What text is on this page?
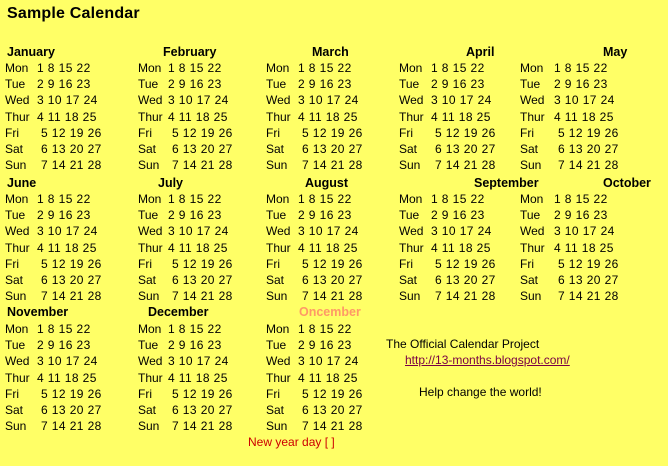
Sample Calendar
January
Mon 1 8 15 22
Tue 2 9 16 23
Wed 3 10 17 24
Thur 4 11 18 25
Fri 5 12 19 26
Sat 6 13 20 27
Sun 7 14 21 28
February
Mon 1 8 15 22
Tue 2 9 16 23
Wed 3 10 17 24
Thur 4 11 18 25
Fri 5 12 19 26
Sat 6 13 20 27
Sun 7 14 21 28
March
Mon 1 8 15 22
Tue 2 9 16 23
Wed 3 10 17 24
Thur 4 11 18 25
Fri 5 12 19 26
Sat 6 13 20 27
Sun 7 14 21 28
April
Mon 1 8 15 22
Tue 2 9 16 23
Wed 3 10 17 24
Thur 4 11 18 25
Fri 5 12 19 26
Sat 6 13 20 27
Sun 7 14 21 28
May
Mon 1 8 15 22
Tue 2 9 16 23
Wed 3 10 17 24
Thur 4 11 18 25
Fri 5 12 19 26
Sat 6 13 20 27
Sun 7 14 21 28
June
Mon 1 8 15 22
Tue 2 9 16 23
Wed 3 10 17 24
Thur 4 11 18 25
Fri 5 12 19 26
Sat 6 13 20 27
Sun 7 14 21 28
July
Mon 1 8 15 22
Tue 2 9 16 23
Wed 3 10 17 24
Thur 4 11 18 25
Fri 5 12 19 26
Sat 6 13 20 27
Sun 7 14 21 28
August
Mon 1 8 15 22
Tue 2 9 16 23
Wed 3 10 17 24
Thur 4 11 18 25
Fri 5 12 19 26
Sat 6 13 20 27
Sun 7 14 21 28
September
Mon 1 8 15 22
Tue 2 9 16 23
Wed 3 10 17 24
Thur 4 11 18 25
Fri 5 12 19 26
Sat 6 13 20 27
Sun 7 14 21 28
October
Mon 1 8 15 22
Tue 2 9 16 23
Wed 3 10 17 24
Thur 4 11 18 25
Fri 5 12 19 26
Sat 6 13 20 27
Sun 7 14 21 28
November
Mon 1 8 15 22
Tue 2 9 16 23
Wed 3 10 17 24
Thur 4 11 18 25
Fri 5 12 19 26
Sat 6 13 20 27
Sun 7 14 21 28
December
Mon 1 8 15 22
Tue 2 9 16 23
Wed 3 10 17 24
Thur 4 11 18 25
Fri 5 12 19 26
Sat 6 13 20 27
Sun 7 14 21 28
Oncember
Mon 1 8 15 22
Tue 2 9 16 23
Wed 3 10 17 24
Thur 4 11 18 25
Fri 5 12 19 26
Sat 6 13 20 27
Sun 7 14 21 28
The Official Calendar Project
http://13-months.blogspot.com/
Help change the world!
New year day [ ]
